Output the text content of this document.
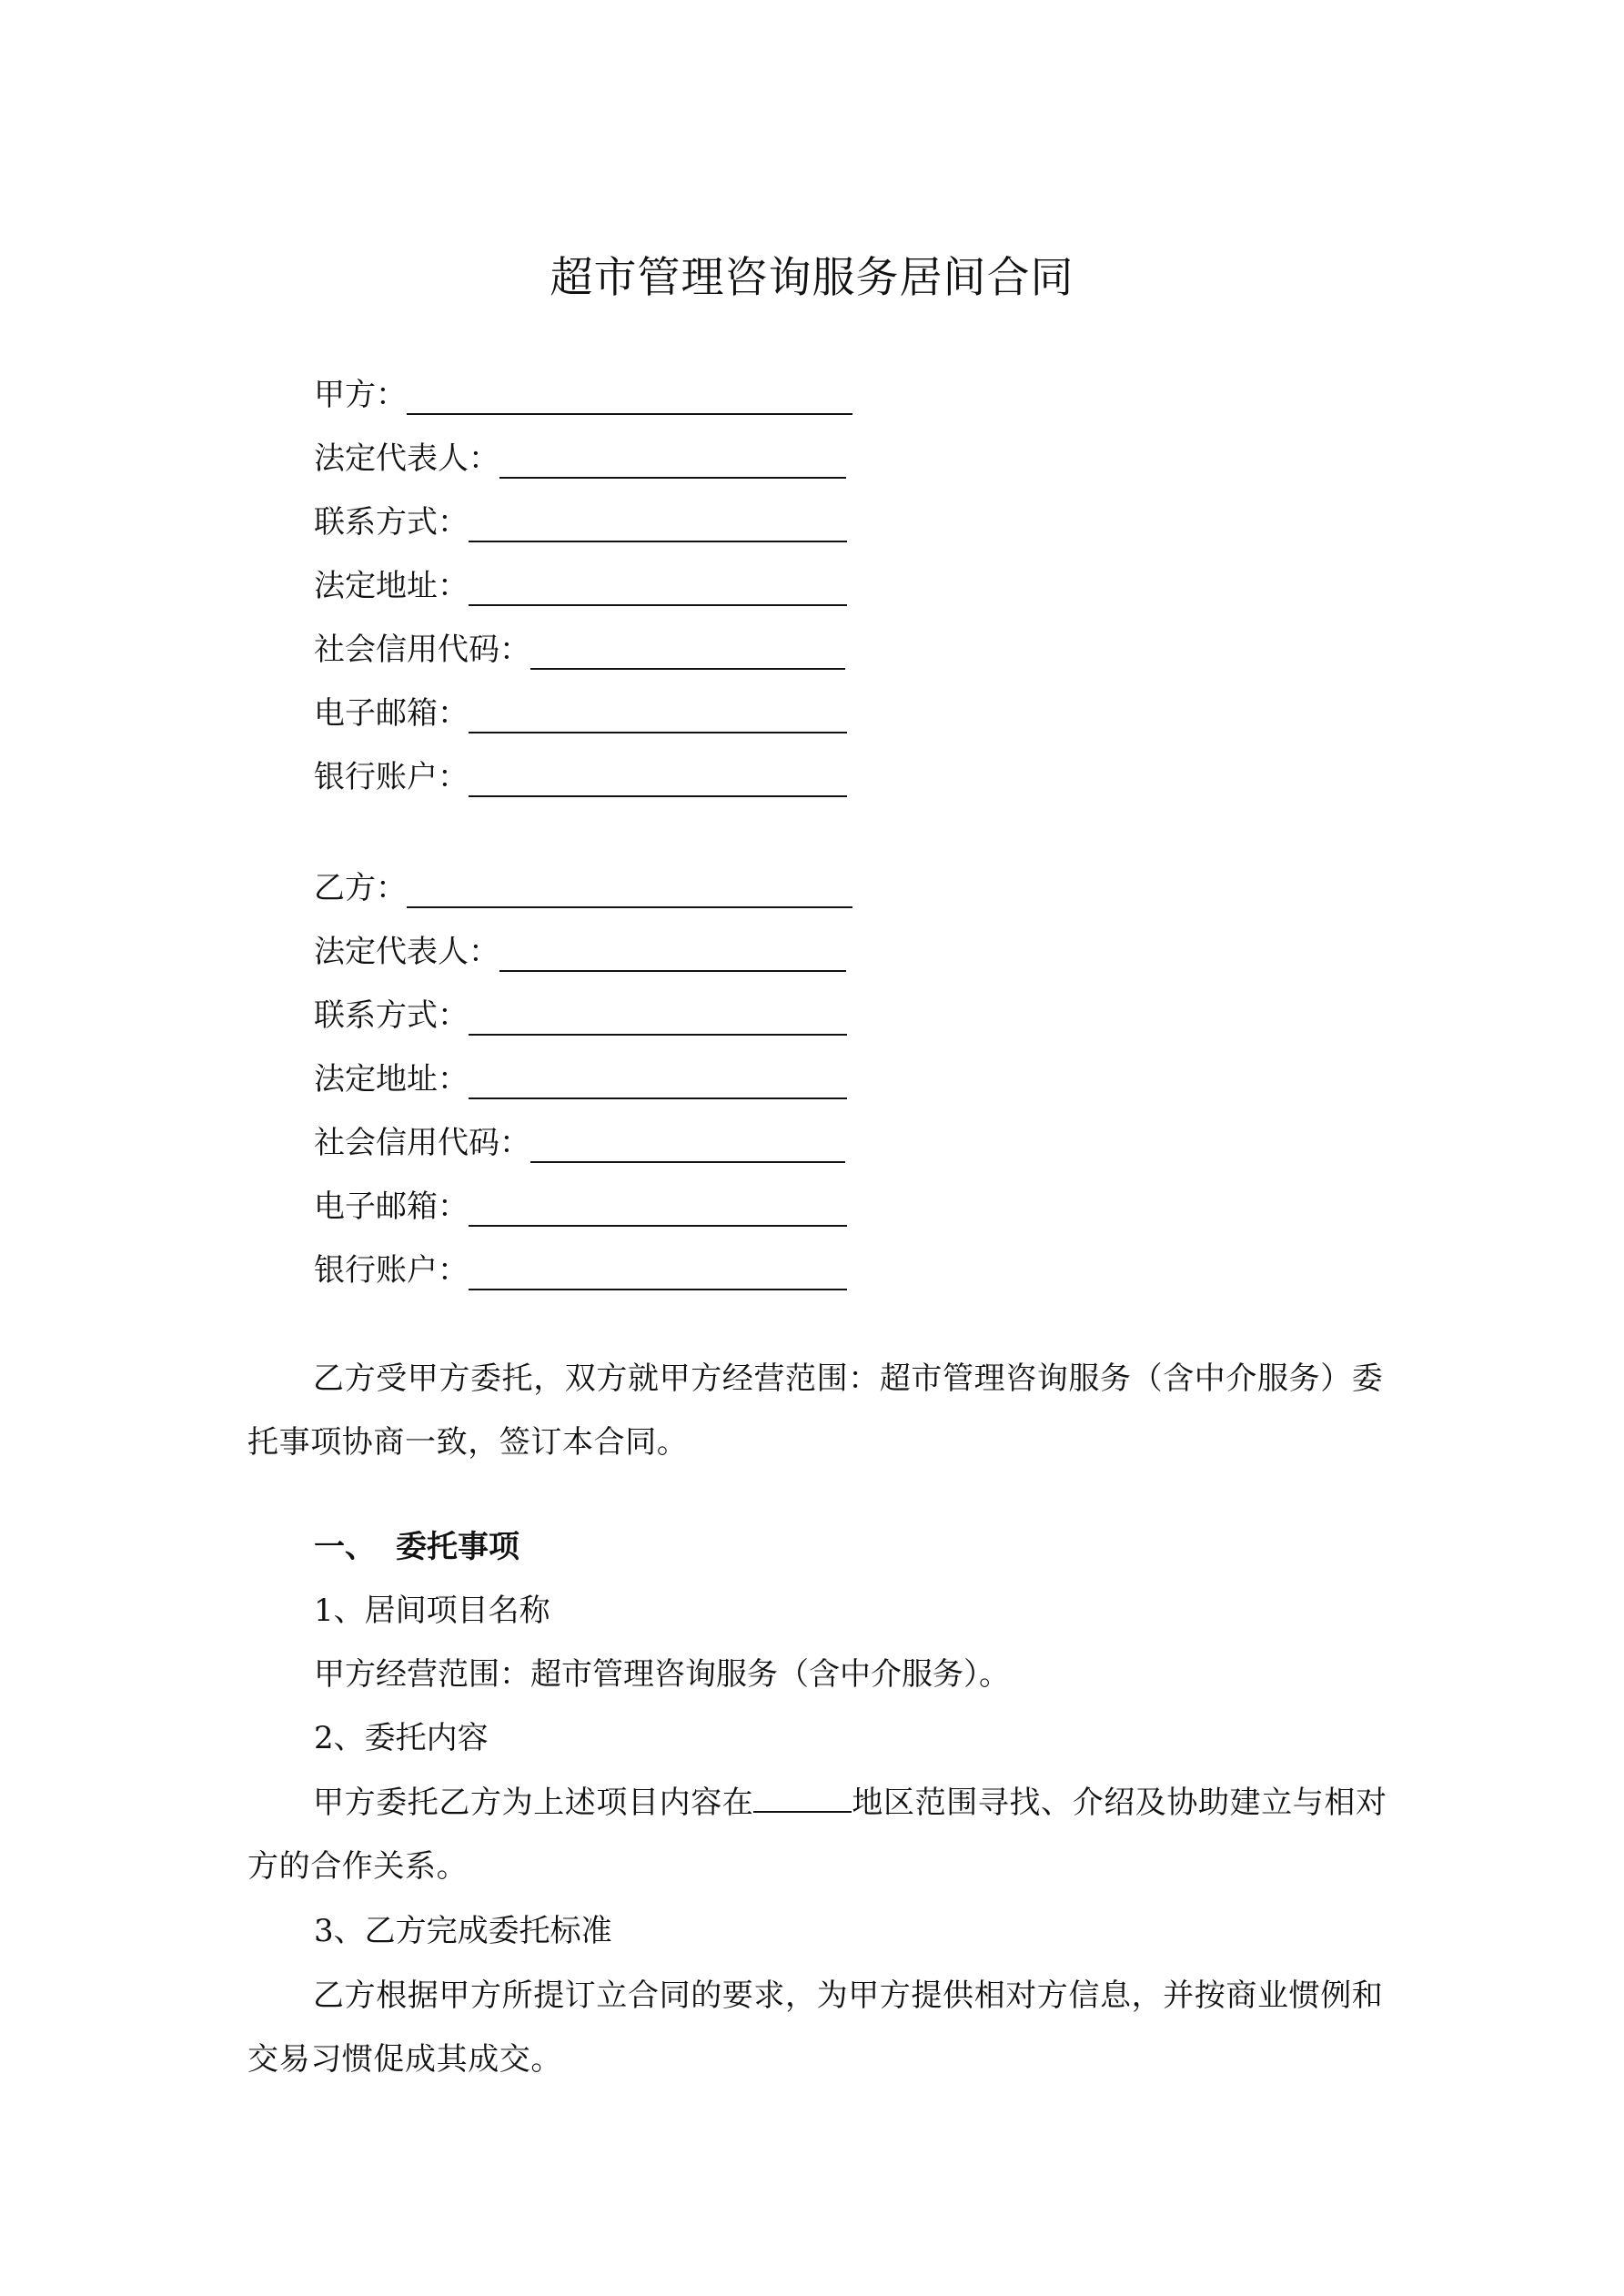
超市管理咨询服务居间合同
甲方：
法定代表人：
联系方式：
法定地址：
社会信用代码：
电子邮箱：
银行账户：
乙方：
法定代表人：
联系方式：
法定地址：
社会信用代码：
电子邮箱：
银行账户：

乙方受甲方委托，双方就甲方经营范围：超市管理咨询服务（含中介服务）委托事项协商一致，签订本合同。

一、 委托事项
1、居间项目名称
甲方经营范围：超市管理咨询服务（含中介服务）。
2、委托内容

甲方委托乙方为上述项目内容在	地区范围寻找、介绍及协助建立与相对方的合作关系。

3、乙方完成委托标准

乙方根据甲方所提订立合同的要求，为甲方提供相对方信息，并按商业惯例和交易习惯促成其成交。
